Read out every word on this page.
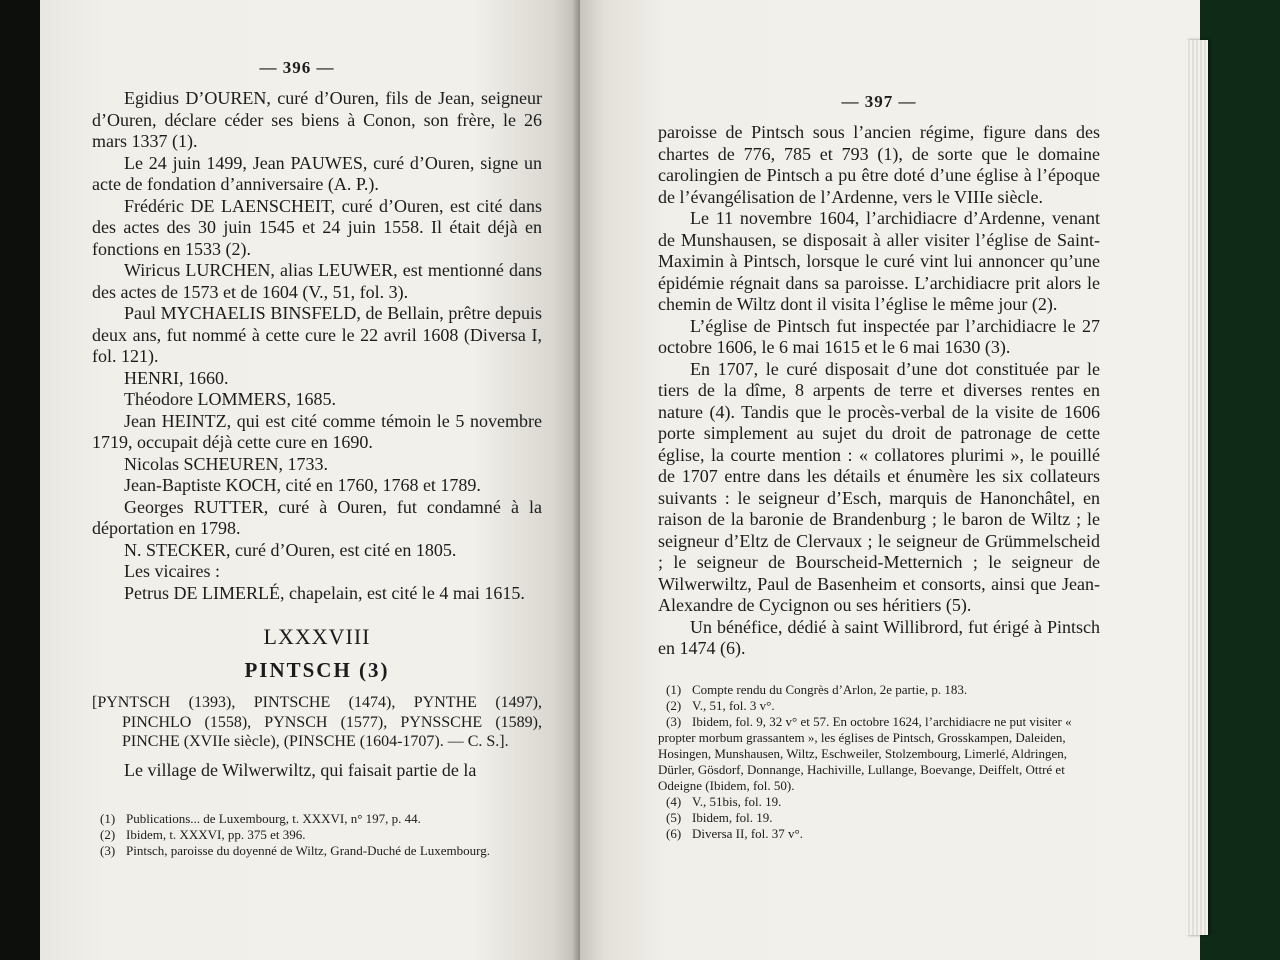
— 396 —

Egidius D’OUREN, curé d’Ouren, fils de Jean, seigneur d’Ouren, déclare céder ses biens à Conon, son frère, le 26 mars 1337 (1).

Le 24 juin 1499, Jean PAUWES, curé d’Ouren, signe un acte de fondation d’anniversaire (A. P.).

Frédéric DE LAENSCHEIT, curé d’Ouren, est cité dans des actes des 30 juin 1545 et 24 juin 1558. Il était déjà en fonctions en 1533 (2).

Wiricus LURCHEN, alias LEUWER, est mentionné dans des actes de 1573 et de 1604 (V., 51, fol. 3).

Paul MYCHAELIS BINSFELD, de Bellain, prêtre depuis deux ans, fut nommé à cette cure le 22 avril 1608 (Diversa I, fol. 121).

HENRI, 1660.

Théodore LOMMERS, 1685.

Jean HEINTZ, qui est cité comme témoin le 5 novembre 1719, occupait déjà cette cure en 1690.

Nicolas SCHEUREN, 1733.

Jean-Baptiste KOCH, cité en 1760, 1768 et 1789.

Georges RUTTER, curé à Ouren, fut condamné à la déportation en 1798.

N. STECKER, curé d’Ouren, est cité en 1805.

Les vicaires :

Petrus DE LIMERLÉ, chapelain, est cité le 4 mai 1615.

LXXXVIII
PINTSCH (3)

[PYNTSCH (1393), PINTSCHE (1474), PYNTHE (1497), PINCHLO (1558), PYNSCH (1577), PYNSSCHE (1589), PINCHE (XVIIe siècle), (PINSCHE (1604-1707). — C. S.].

Le village de Wilwerwiltz, qui faisait partie de la

(1) Publications... de Luxembourg, t. XXXVI, n° 197, p. 44.

(2) Ibidem, t. XXXVI, pp. 375 et 396.

(3) Pintsch, paroisse du doyenné de Wiltz, Grand-Duché de Luxembourg.

— 397 —

paroisse de Pintsch sous l’ancien régime, figure dans des chartes de 776, 785 et 793 (1), de sorte que le domaine carolingien de Pintsch a pu être doté d’une église à l’époque de l’évangélisation de l’Ardenne, vers le VIIIe siècle.

Le 11 novembre 1604, l’archidiacre d’Ardenne, venant de Munshausen, se disposait à aller visiter l’église de Saint-Maximin à Pintsch, lorsque le curé vint lui annoncer qu’une épidémie régnait dans sa paroisse. L’archidiacre prit alors le chemin de Wiltz dont il visita l’église le même jour (2).

L’église de Pintsch fut inspectée par l’archidiacre le 27 octobre 1606, le 6 mai 1615 et le 6 mai 1630 (3).

En 1707, le curé disposait d’une dot constituée par le tiers de la dîme, 8 arpents de terre et diverses rentes en nature (4). Tandis que le procès-verbal de la visite de 1606 porte simplement au sujet du droit de patronage de cette église, la courte mention : « collatores plurimi », le pouillé de 1707 entre dans les détails et énumère les six collateurs suivants : le seigneur d’Esch, marquis de Hanonchâtel, en raison de la baronie de Brandenburg ; le baron de Wiltz ; le seigneur d’Eltz de Clervaux ; le seigneur de Grümmelscheid ; le seigneur de Bourscheid-Metternich ; le seigneur de Wilwerwiltz, Paul de Basenheim et consorts, ainsi que Jean-Alexandre de Cycignon ou ses héritiers (5).

Un bénéfice, dédié à saint Willibrord, fut érigé à Pintsch en 1474 (6).

(1) Compte rendu du Congrès d’Arlon, 2e partie, p. 183.

(2) V., 51, fol. 3 v°.

(3) Ibidem, fol. 9, 32 v° et 57. En octobre 1624, l’archidiacre ne put visiter « propter morbum grassantem », les églises de Pintsch, Grosskampen, Daleiden, Hosingen, Munshausen, Wiltz, Eschweiler, Stolzembourg, Limerlé, Aldringen, Dürler, Gösdorf, Donnange, Hachiville, Lullange, Boevange, Deiffelt, Ottré et Odeigne (Ibidem, fol. 50).

(4) V., 51bis, fol. 19.

(5) Ibidem, fol. 19.

(6) Diversa II, fol. 37 v°.
